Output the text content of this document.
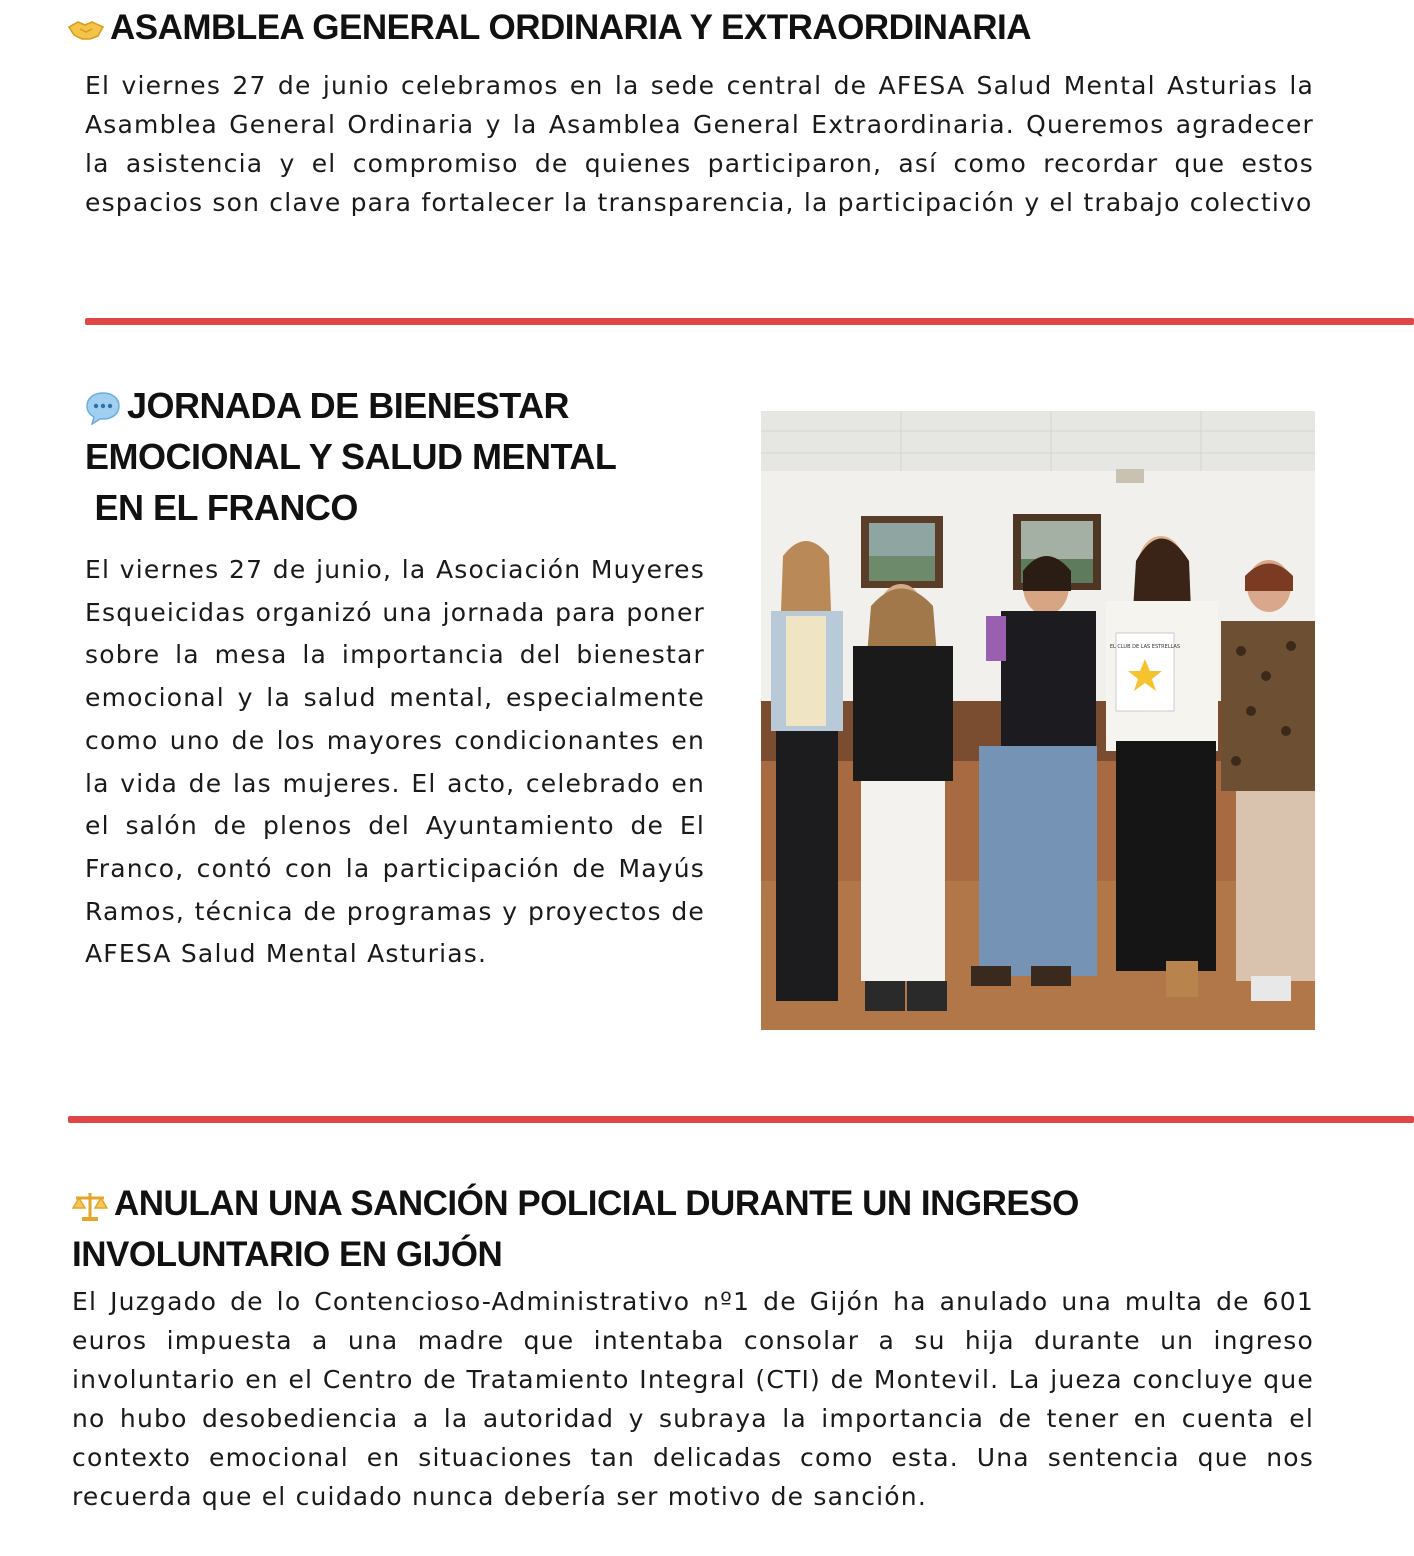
ASAMBLEA GENERAL ORDINARIA Y EXTRAORDINARIA

El viernes 27 de junio celebramos en la sede central de AFESA Salud Mental Asturias la Asamblea General Ordinaria y la Asamblea General Extraordinaria. Queremos agradecer la asistencia y el compromiso de quienes participaron, así como recordar que estos espacios son clave para fortalecer la transparencia, la participación y el trabajo colectivo

JORNADA DE BIENESTAR
EMOCIONAL Y SALUD MENTAL
EN EL FRANCO

El viernes 27 de junio, la Asociación Muyeres Esqueicidas organizó una jornada para poner sobre la mesa la importancia del bienestar emocional y la salud mental, especialmente como uno de los mayores condicionantes en la vida de las mujeres. El acto, celebrado en el salón de plenos del Ayuntamiento de El Franco, contó con la participación de Mayús Ramos, técnica de programas y proyectos de AFESA Salud Mental Asturias.

EL CLUB DE LAS ESTRELLAS
ANULAN UNA SANCIÓN POLICIAL DURANTE UN INGRESO
INVOLUNTARIO EN GIJÓN

El Juzgado de lo Contencioso-Administrativo nº1 de Gijón ha anulado una multa de 601 euros impuesta a una madre que intentaba consolar a su hija durante un ingreso involuntario en el Centro de Tratamiento Integral (CTI) de Montevil. La jueza concluye que no hubo desobediencia a la autoridad y subraya la importancia de tener en cuenta el contexto emocional en situaciones tan delicadas como esta. Una sentencia que nos recuerda que el cuidado nunca debería ser motivo de sanción.
